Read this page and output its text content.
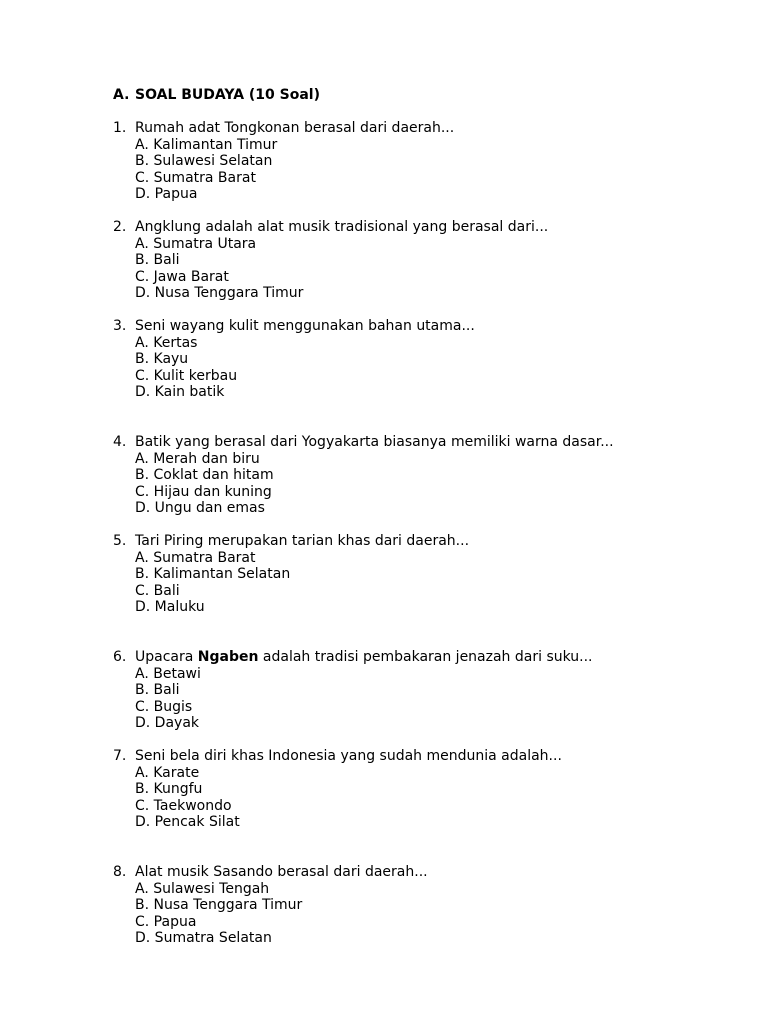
A. SOAL BUDAYA (10 Soal)
1. Rumah adat Tongkonan berasal dari daerah...
A. Kalimantan Timur
B. Sulawesi Selatan
C. Sumatra Barat
D. Papua
2. Angklung adalah alat musik tradisional yang berasal dari...
A. Sumatra Utara
B. Bali
C. Jawa Barat
D. Nusa Tenggara Timur
3. Seni wayang kulit menggunakan bahan utama...
A. Kertas
B. Kayu
C. Kulit kerbau
D. Kain batik
4. Batik yang berasal dari Yogyakarta biasanya memiliki warna dasar...
A. Merah dan biru
B. Coklat dan hitam
C. Hijau dan kuning
D. Ungu dan emas
5. Tari Piring merupakan tarian khas dari daerah...
A. Sumatra Barat
B. Kalimantan Selatan
C. Bali
D. Maluku
6. Upacara Ngaben adalah tradisi pembakaran jenazah dari suku...
A. Betawi
B. Bali
C. Bugis
D. Dayak
7. Seni bela diri khas Indonesia yang sudah mendunia adalah...
A. Karate
B. Kungfu
C. Taekwondo
D. Pencak Silat
8. Alat musik Sasando berasal dari daerah...
A. Sulawesi Tengah
B. Nusa Tenggara Timur
C. Papua
D. Sumatra Selatan
